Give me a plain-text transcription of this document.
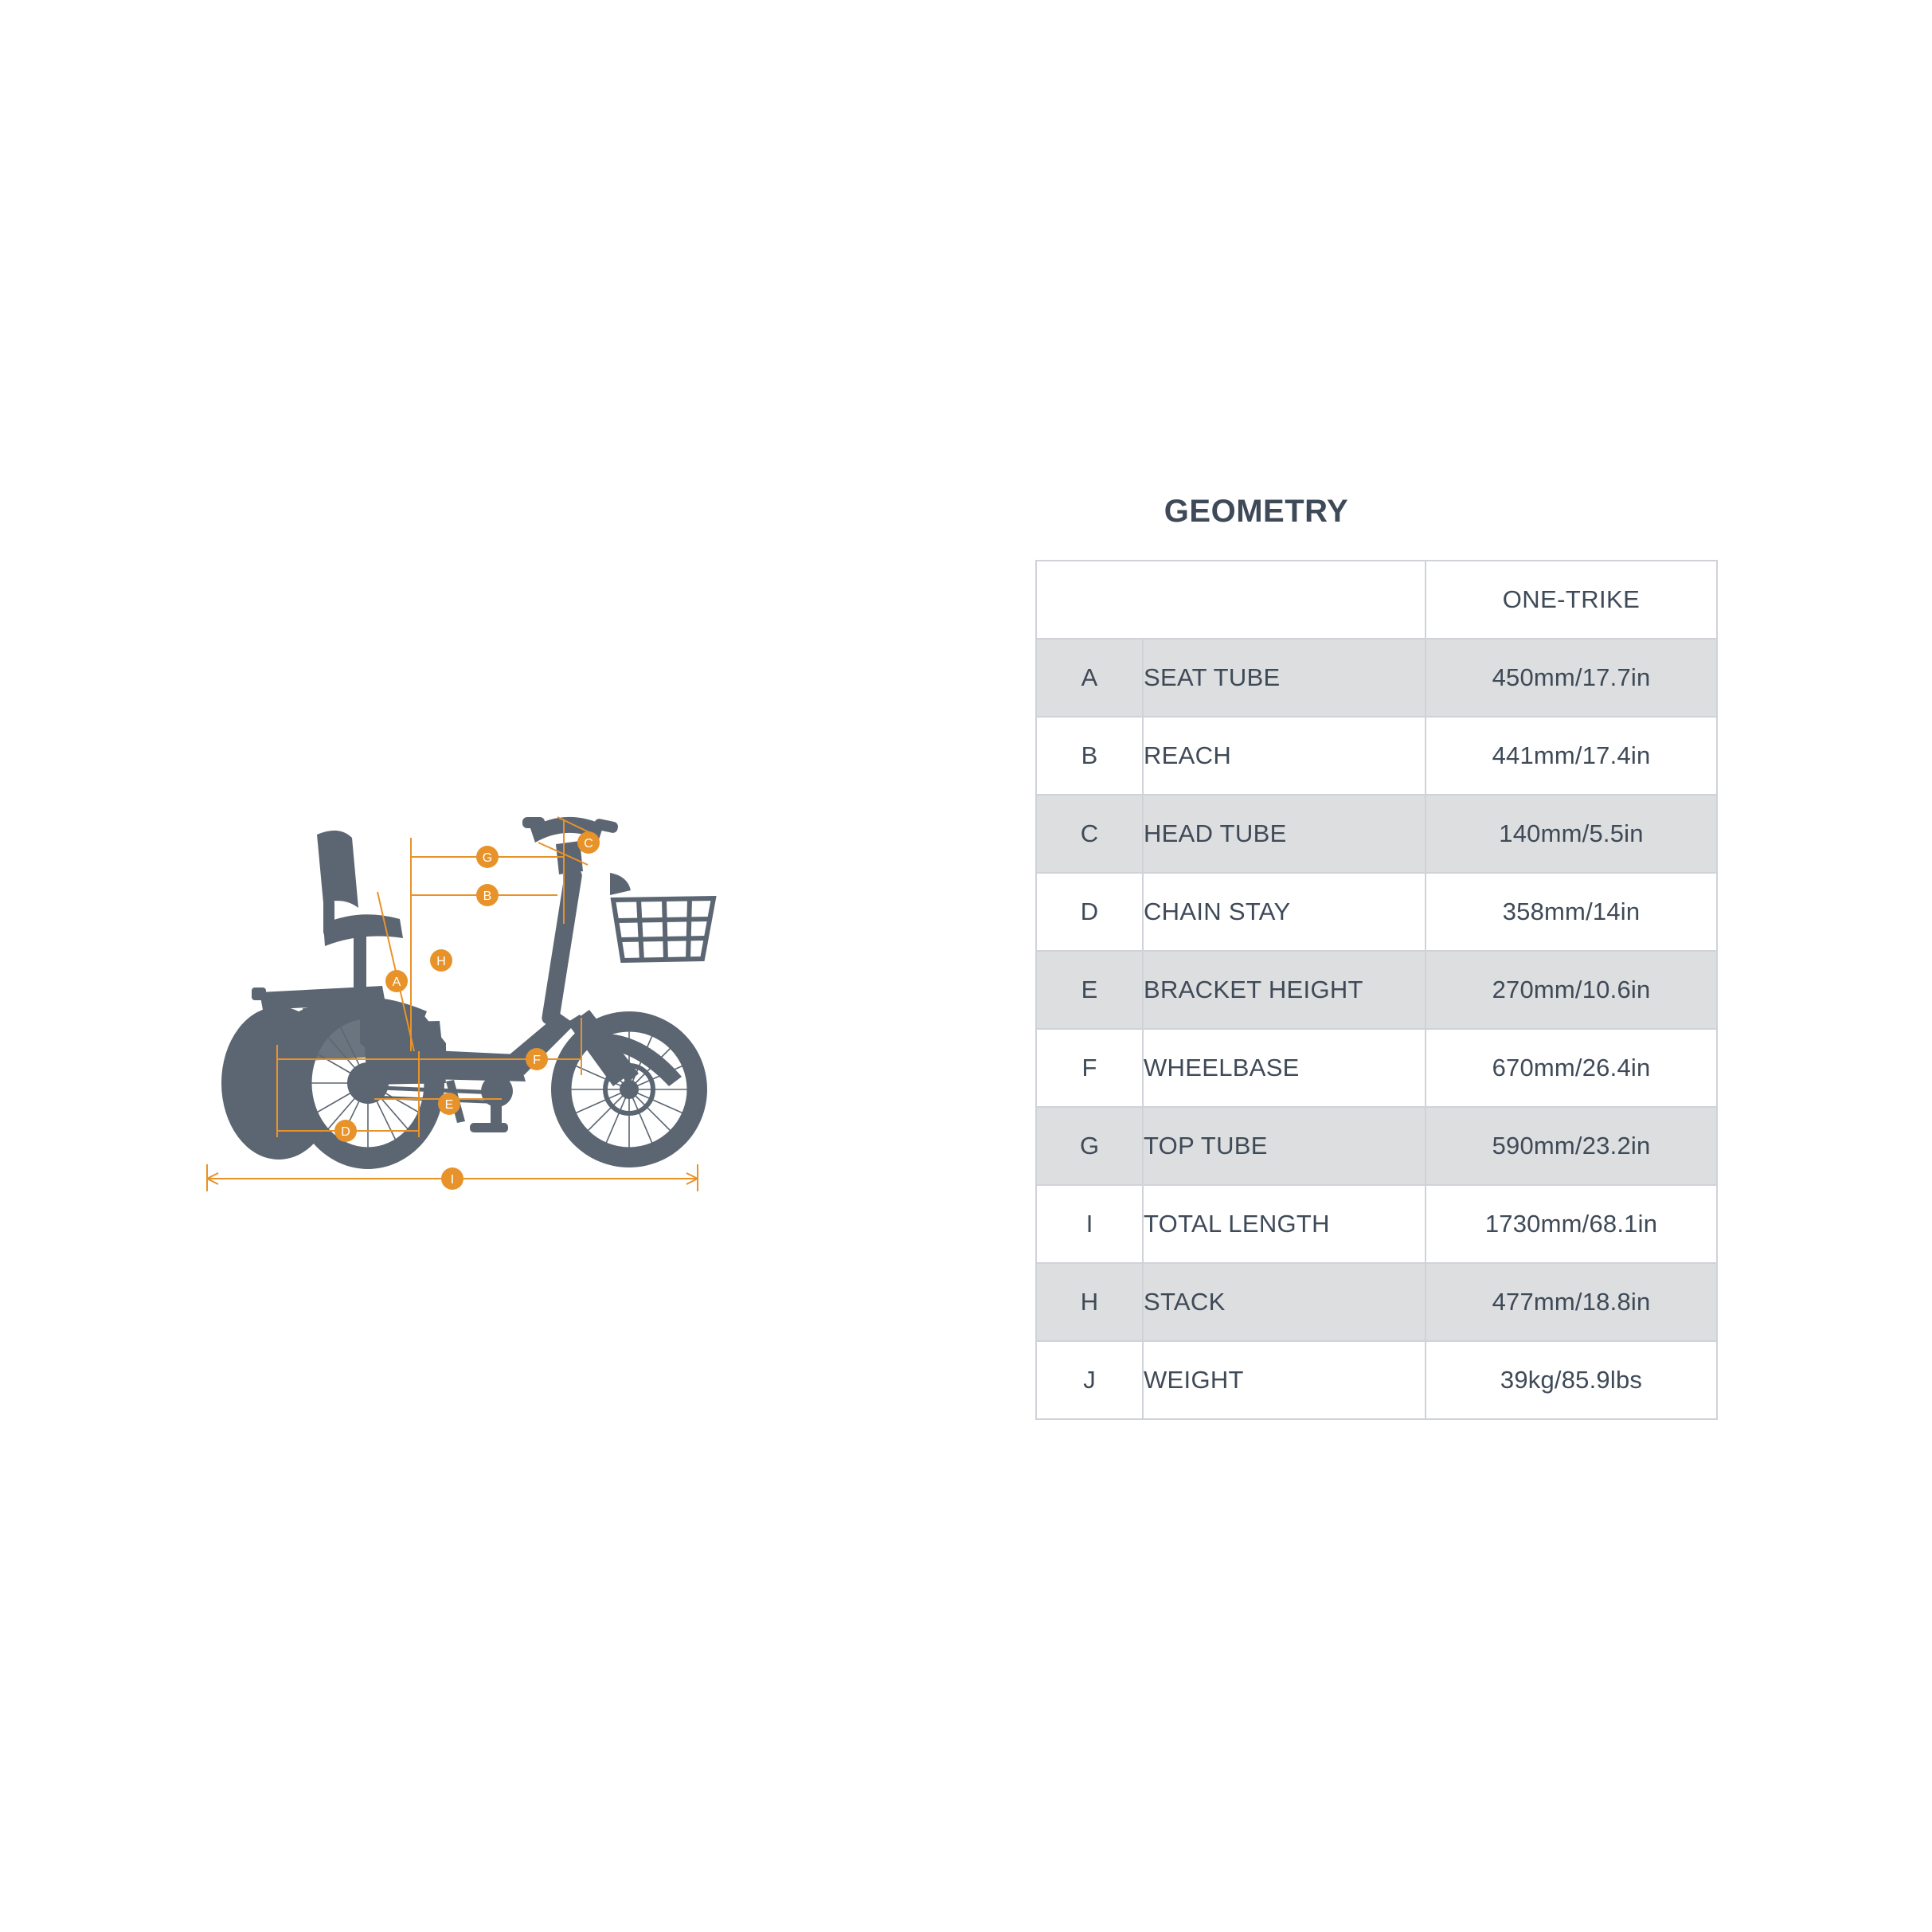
A
B
C
D
E
F
G
H
I
GEOMETRY
		ONE-TRIKE
A	SEAT TUBE	450mm/17.7in
B	REACH	441mm/17.4in
C	HEAD TUBE	140mm/5.5in
D	CHAIN STAY	358mm/14in
E	BRACKET HEIGHT	270mm/10.6in
F	WHEELBASE	670mm/26.4in
G	TOP TUBE	590mm/23.2in
I	TOTAL LENGTH	1730mm/68.1in
H	STACK	477mm/18.8in
J	WEIGHT	39kg/85.9lbs
